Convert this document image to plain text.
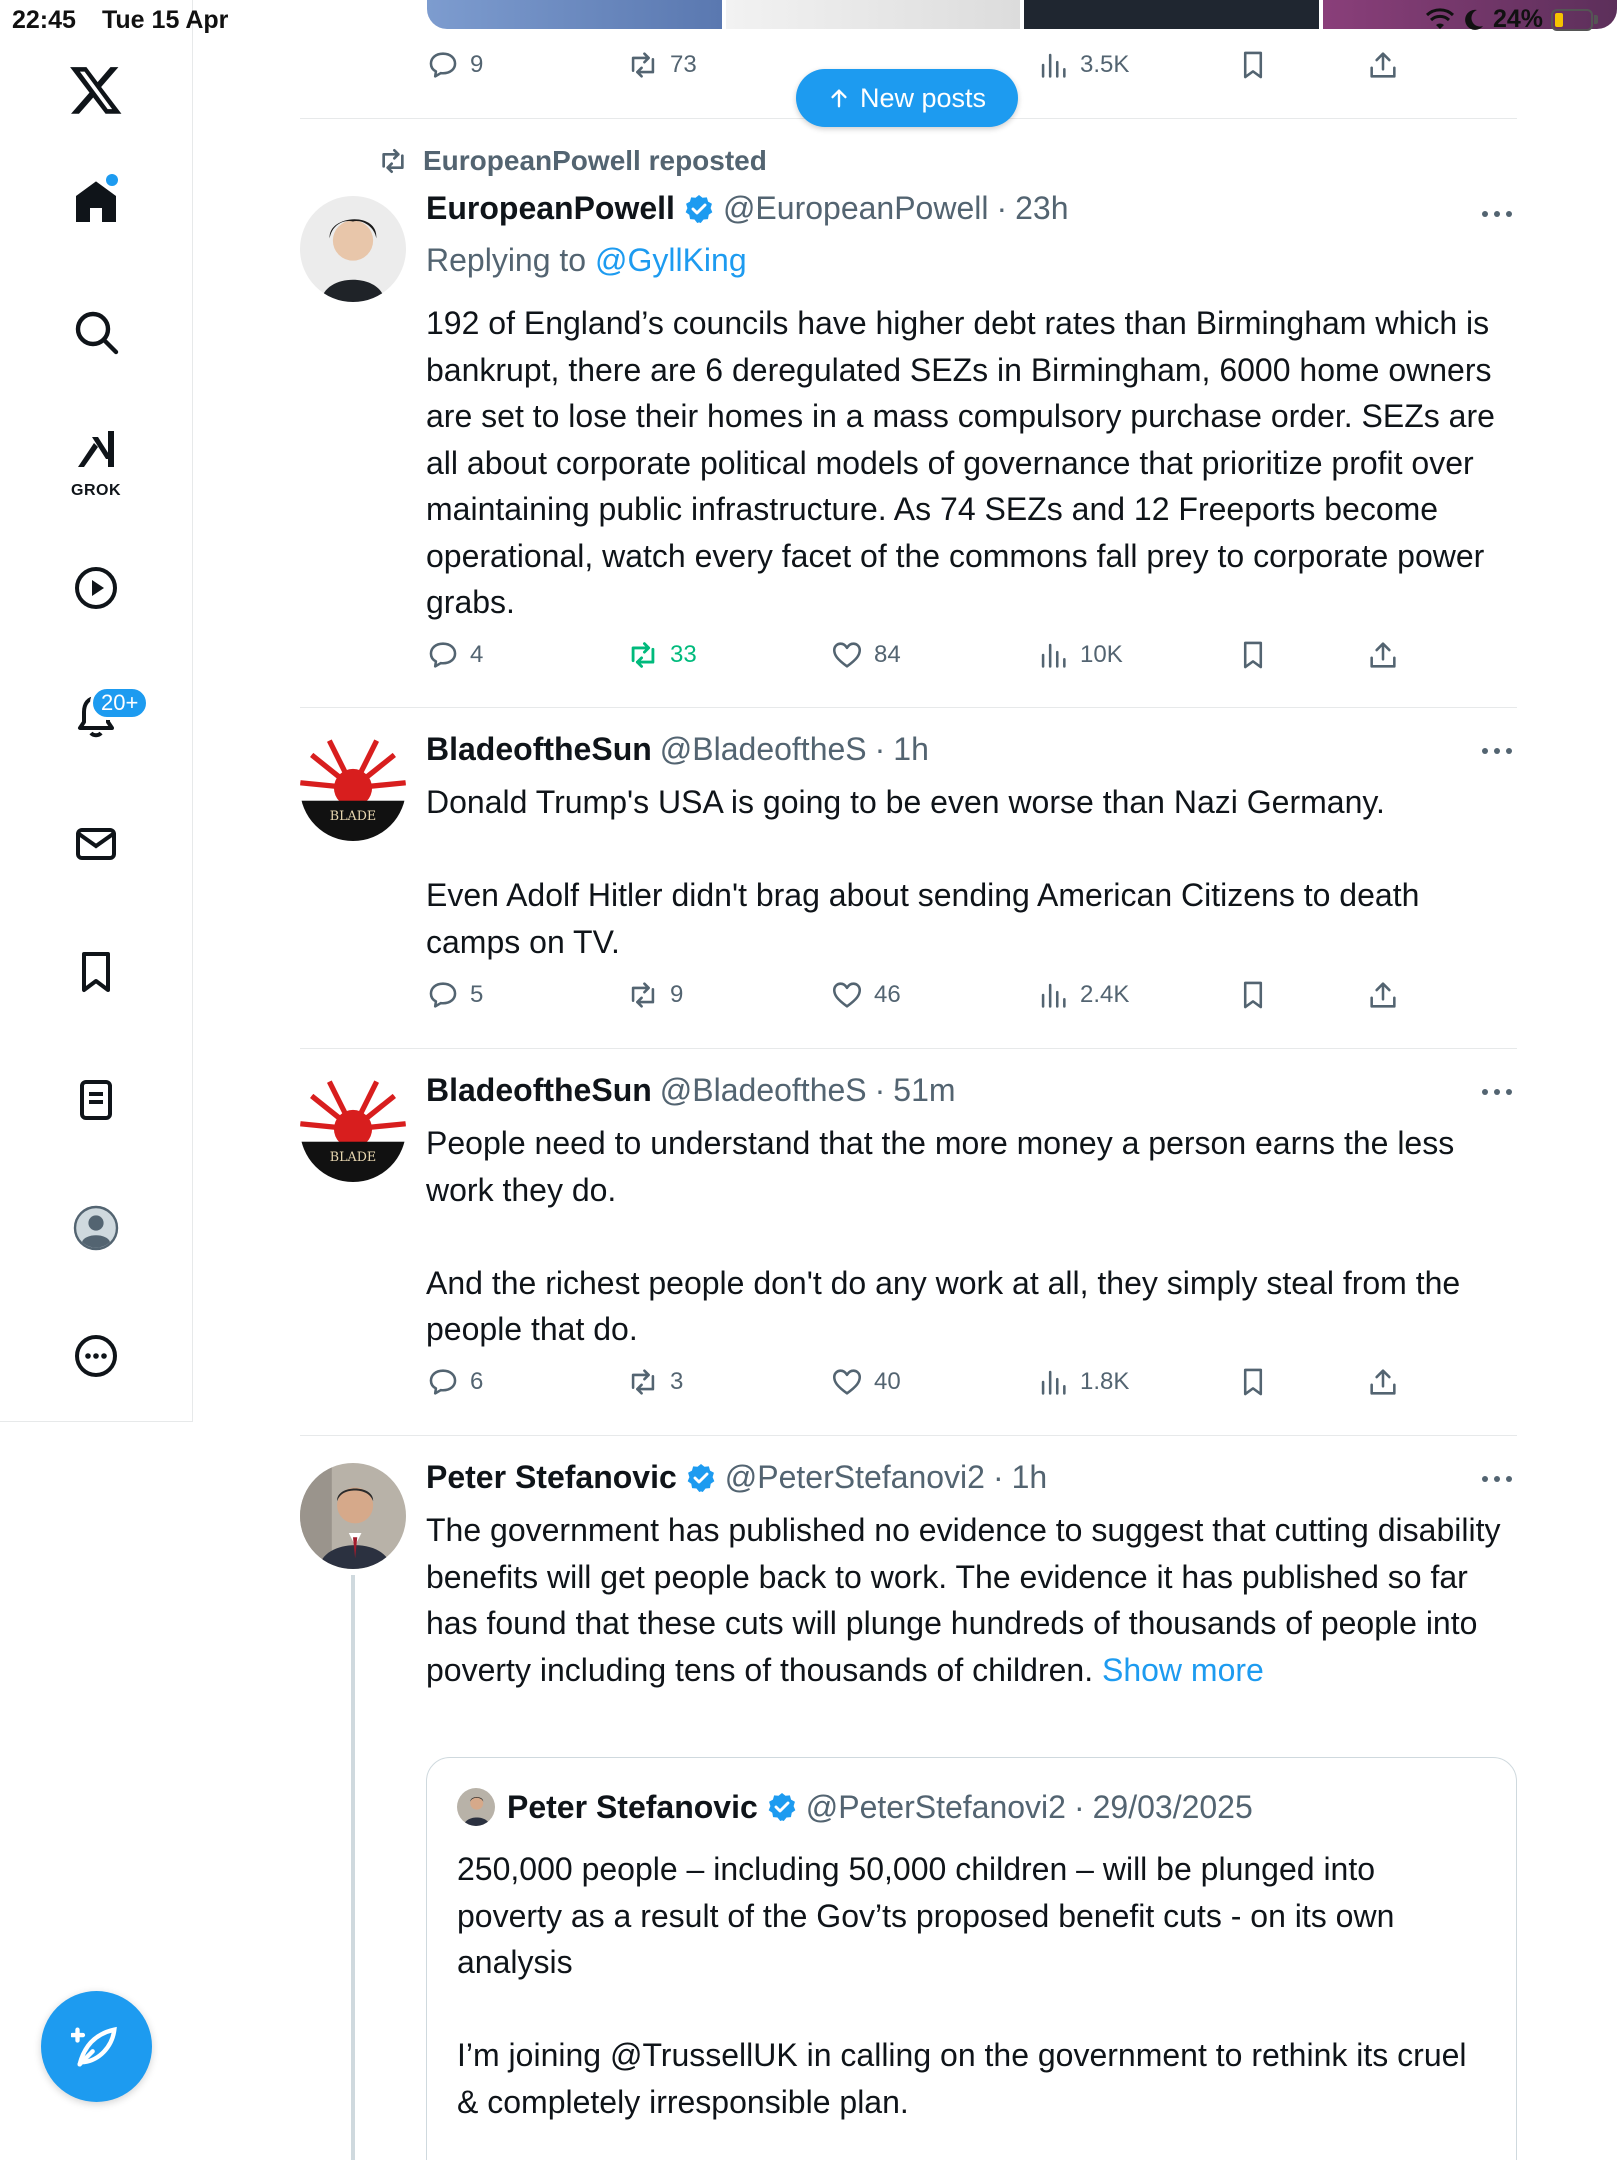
22:45 Tue 15 Apr	24%
GROK
20+
9	73	3.5K
New posts
EuropeanPowell reposted
EuropeanPowell @EuropeanPowell · 23h
Replying to @GyllKing
192 of England’s councils have higher debt rates than Birmingham which is bankrupt, there are 6 deregulated SEZs in Birmingham, 6000 home owners are set to lose their homes in a mass compulsory purchase order. SEZs are all about corporate political models of governance that prioritize profit over maintaining public infrastructure. As 74 SEZs and 12 Freeports become operational, watch every facet of the commons fall prey to corporate power grabs.
4	33	84	10K
BLADE
BladeoftheSun @BladeoftheS · 1h
Donald Trump's USA is going to be even worse than Nazi Germany.

Even Adolf Hitler didn't brag about sending American Citizens to death camps on TV.
5	9	46	2.4K
BLADE
BladeoftheSun @BladeoftheS · 51m
People need to understand that the more money a person earns the less work they do.

And the richest people don't do any work at all, they simply steal from the people that do.
6	3	40	1.8K
Peter Stefanovic @PeterStefanovi2 · 1h
The government has published no evidence to suggest that cutting disability benefits will get people back to work. The evidence it has published so far has found that these cuts will plunge hundreds of thousands of people into poverty including tens of thousands of children. Show more
Peter Stefanovic @PeterStefanovi2 · 29/03/2025
250,000 people – including 50,000 children – will be plunged into poverty as a result of the Gov’ts proposed benefit cuts - on its own analysis

I’m joining @TrussellUK in calling on the government to rethink its cruel & completely irresponsible plan.
